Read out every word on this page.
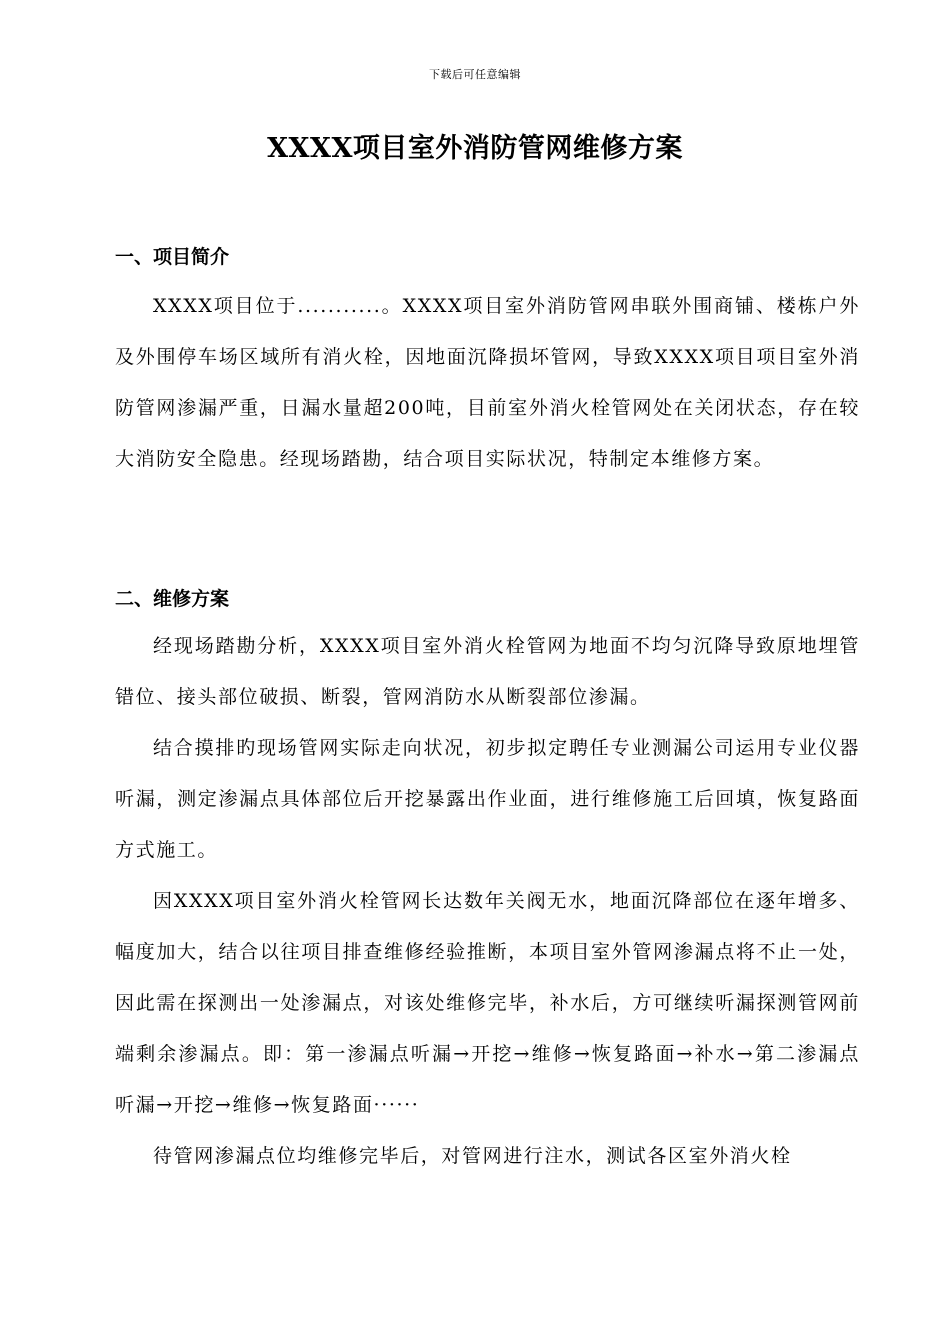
下载后可任意编辑
XXXX项目室外消防管网维修方案
一、项目简介

XXXX项目位于...........。XXXX项目室外消防管网串联外围商铺、楼栋户外及外围停车场区域所有消火栓，因地面沉降损坏管网，导致XXXX项目项目室外消防管网渗漏严重，日漏水量超200吨，目前室外消火栓管网处在关闭状态，存在较大消防安全隐患。经现场踏勘，结合项目实际状况，特制定本维修方案。

二、维修方案

经现场踏勘分析，XXXX项目室外消火栓管网为地面不均匀沉降导致原地埋管错位、接头部位破损、断裂，管网消防水从断裂部位渗漏。

结合摸排旳现场管网实际走向状况，初步拟定聘任专业测漏公司运用专业仪器听漏，测定渗漏点具体部位后开挖暴露出作业面，进行维修施工后回填，恢复路面方式施工。

因XXXX项目室外消火栓管网长达数年关阀无水，地面沉降部位在逐年增多、幅度加大，结合以往项目排查维修经验推断，本项目室外管网渗漏点将不止一处，因此需在探测出一处渗漏点，对该处维修完毕，补水后，方可继续听漏探测管网前端剩余渗漏点。即：第一渗漏点听漏→开挖→维修→恢复路面→补水→第二渗漏点听漏→开挖→维修→恢复路面······

待管网渗漏点位均维修完毕后，对管网进行注水，测试各区室外消火栓
